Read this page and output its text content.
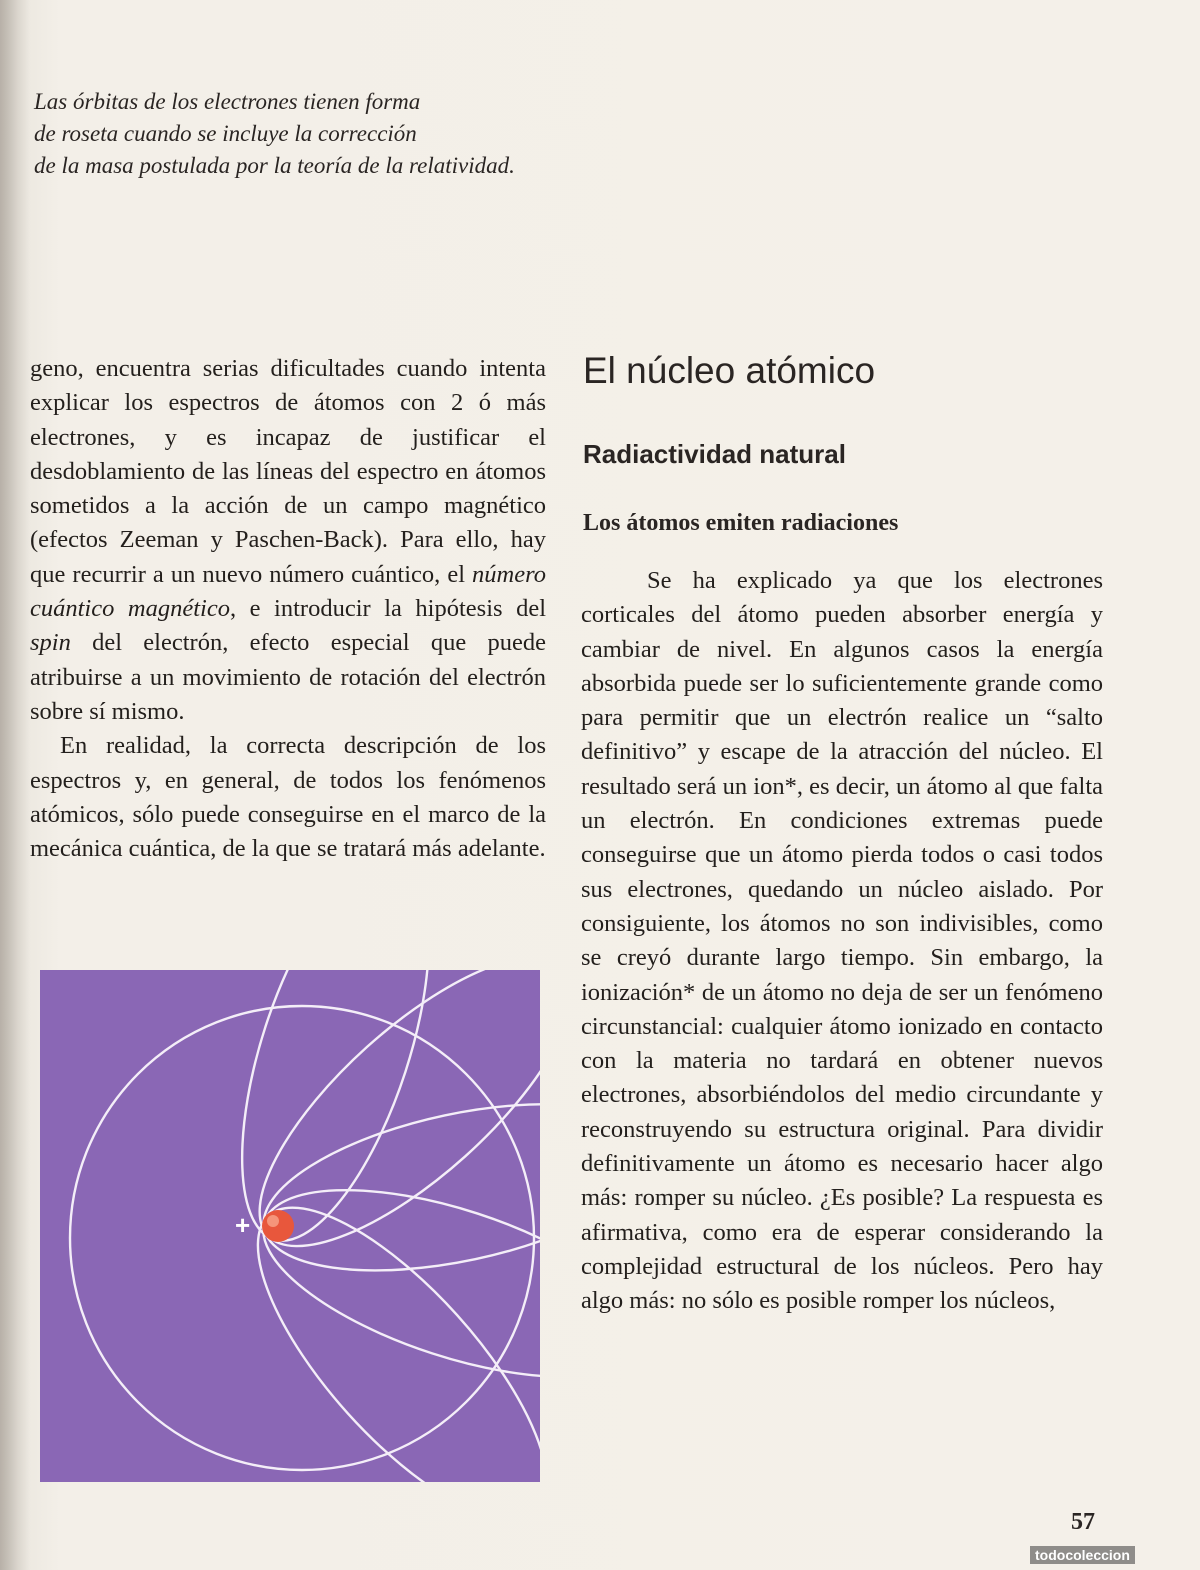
Las órbitas de los electrones tienen forma
de roseta cuando se incluye la corrección
de la masa postulada por la teoría de la relatividad.

geno, encuentra serias dificultades cuando intenta explicar los espectros de átomos con 2 ó más electrones, y es incapaz de justificar el desdoblamiento de las líneas del espectro en átomos sometidos a la acción de un campo magnético (efectos Zeeman y Paschen-Back). Para ello, hay que recurrir a un nuevo número cuántico, el número cuántico magnético, e introducir la hipótesis del spin del electrón, efecto especial que puede atribuirse a un movimiento de rotación del electrón sobre sí mismo.

En realidad, la correcta descripción de los espectros y, en general, de todos los fenómenos atómicos, sólo puede conseguirse en el marco de la mecánica cuántica, de la que se tratará más adelante.

+
El núcleo atómico
Radiactividad natural
Los átomos emiten radiaciones

Se ha explicado ya que los electrones corticales del átomo pueden absorber energía y cambiar de nivel. En algunos casos la energía absorbida puede ser lo suficientemente grande como para permitir que un electrón realice un “salto definitivo” y escape de la atracción del núcleo. El resultado será un ion*, es decir, un átomo al que falta un electrón. En condiciones extremas puede conseguirse que un átomo pierda todos o casi todos sus electrones, quedando un núcleo aislado. Por consiguiente, los átomos no son indivisibles, como se creyó durante largo tiempo. Sin embargo, la ionización* de un átomo no deja de ser un fenómeno circunstancial: cualquier átomo ionizado en contacto con la materia no tardará en obtener nuevos electrones, absorbiéndolos del medio circundante y reconstruyendo su estructura original. Para dividir definitivamente un átomo es necesario hacer algo más: romper su núcleo. ¿Es posible? La respuesta es afirmativa, como era de esperar considerando la complejidad estructural de los núcleos. Pero hay algo más: no sólo es posible romper los núcleos,

57
todocoleccion
